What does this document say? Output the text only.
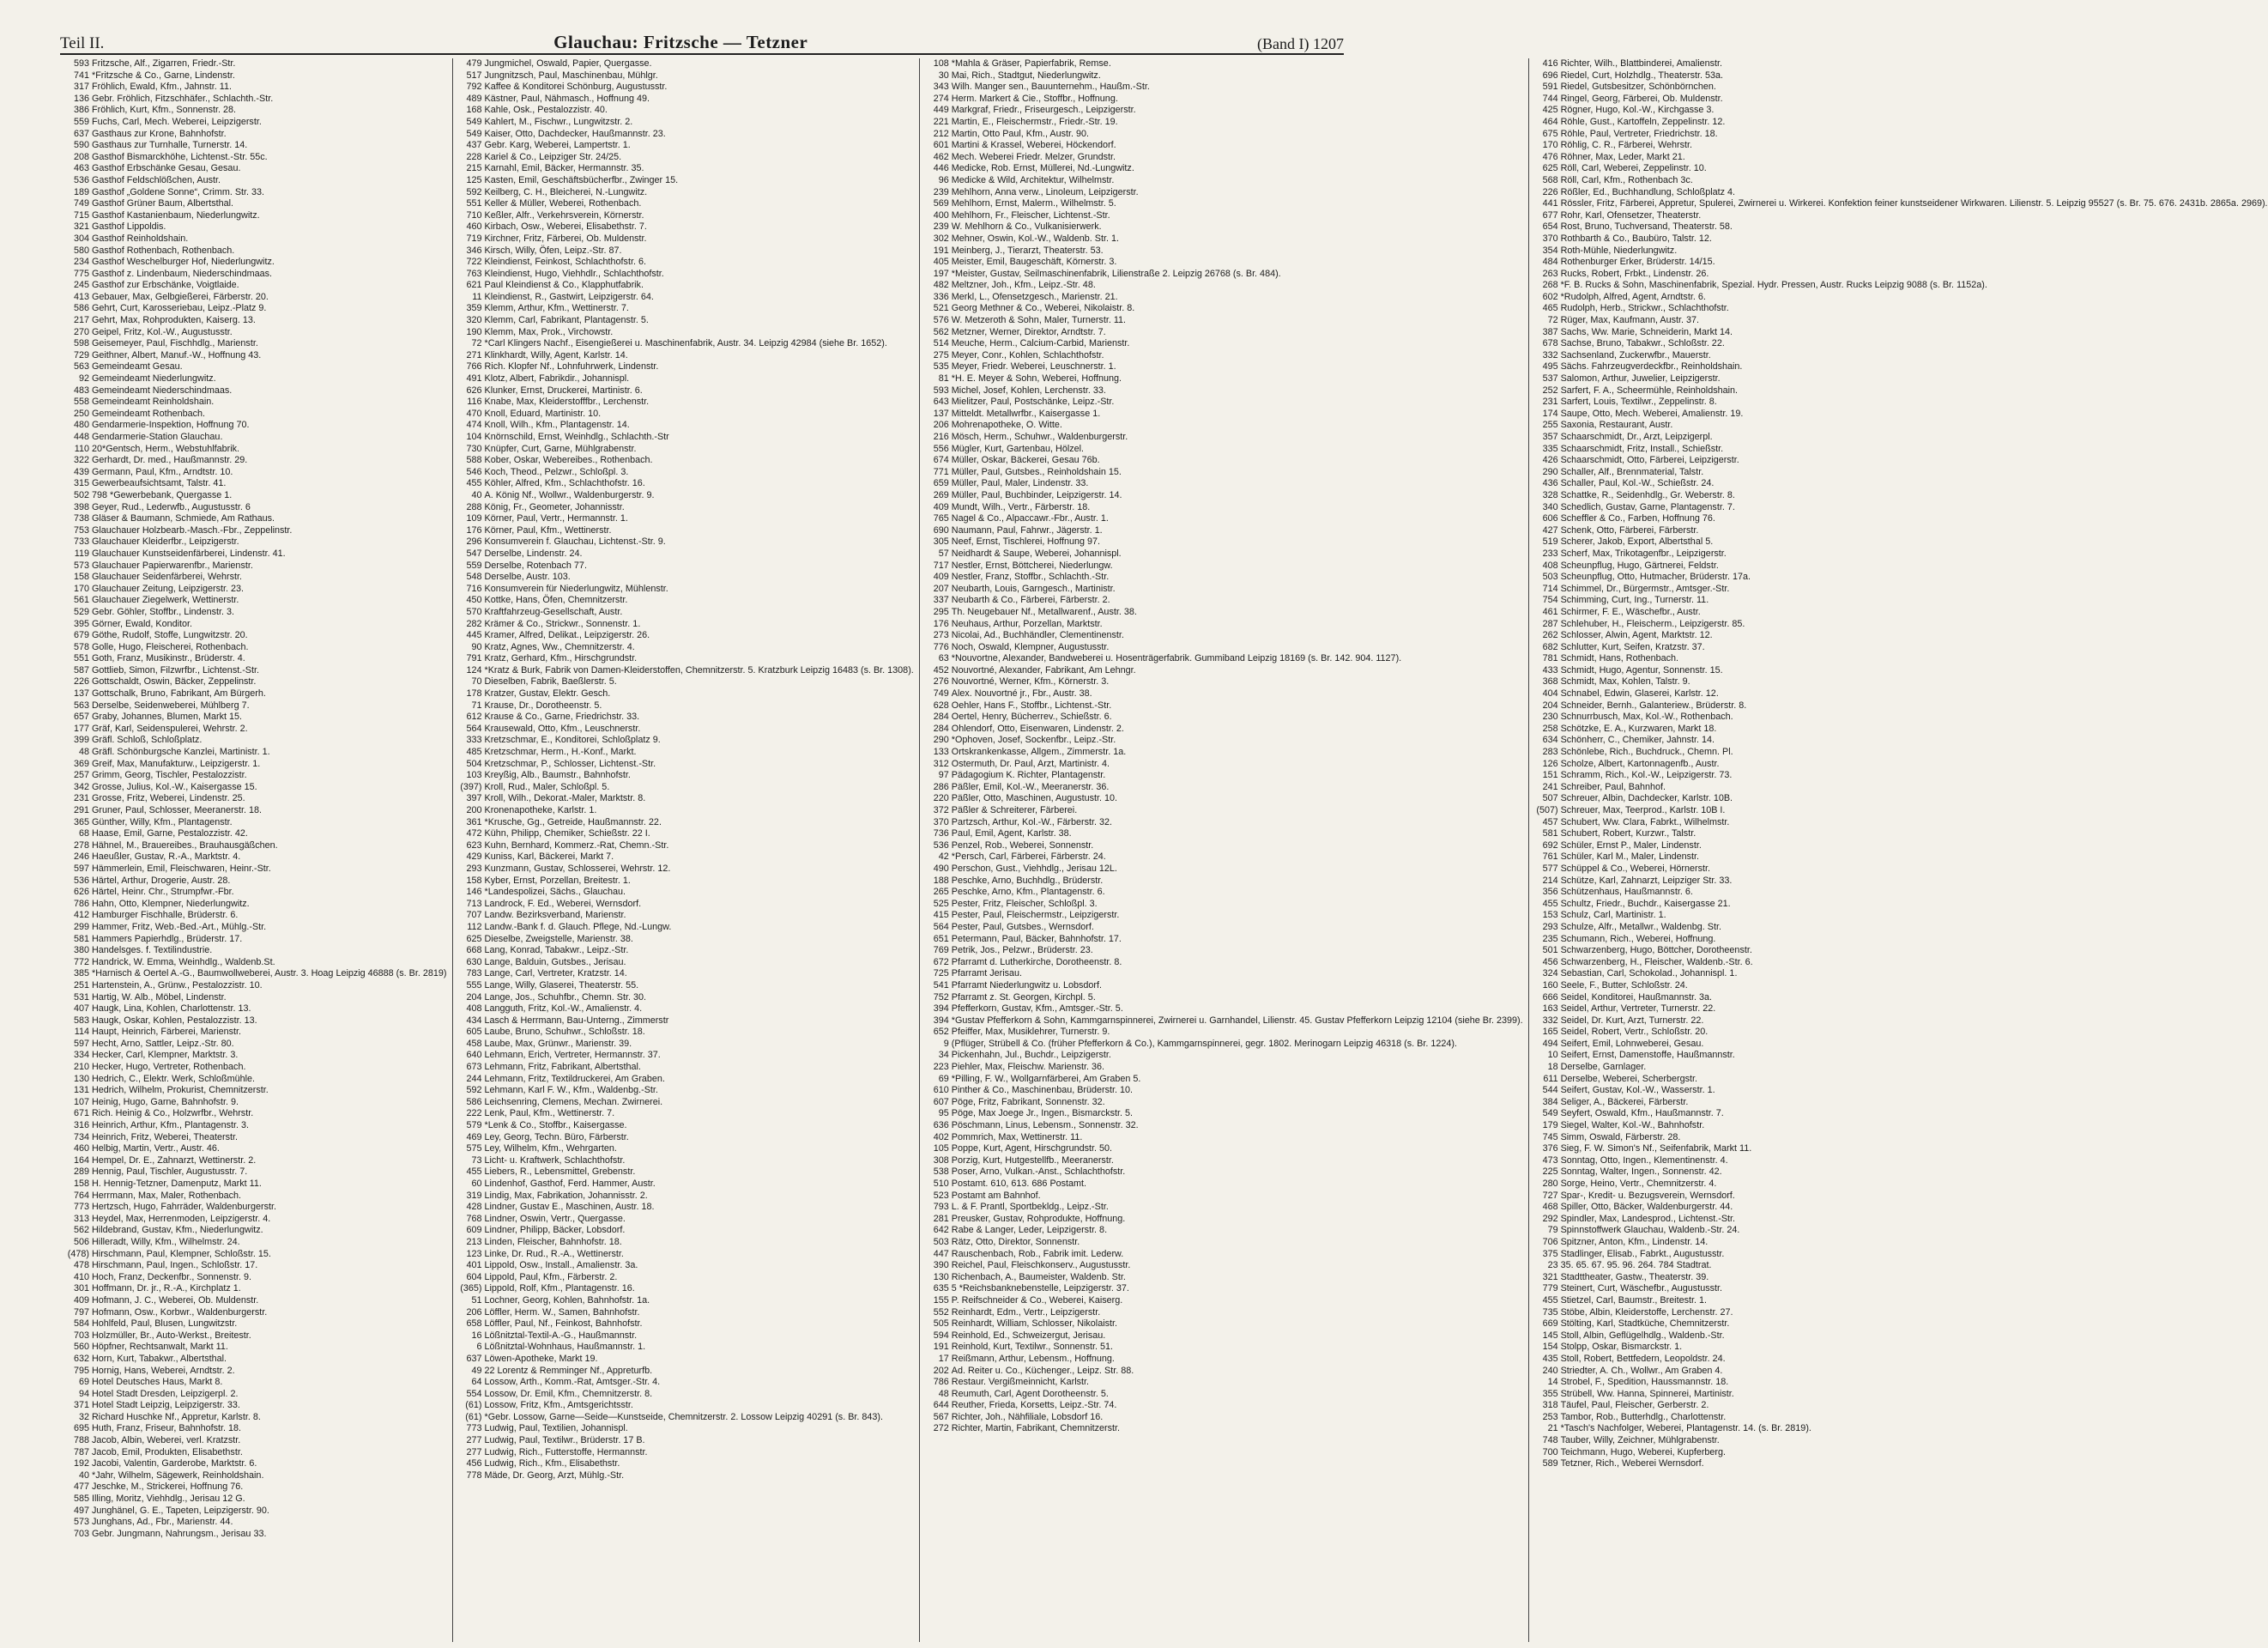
Teil II.	Glauchau: Fritzsche — Tetzner	(Band I) 1207
593 Fritzsche, Alf., Zigarren, Friedr.-Str.
741 *Fritzsche & Co., Garne, Lindenstr.
317 Fröhlich, Ewald, Kfm., Jahnstr. 11.
136 Gebr. Fröhlich, Fitzschhäfer., Schlachth.-Str.
386 Fröhlich, Kurt, Kfm., Sonnenstr. 28.
559 Fuchs, Carl, Mech. Weberei, Leipzigerstr.
637 Gasthaus zur Krone, Bahnhofstr.
590 Gasthaus zur Turnhalle, Turnerstr. 14.
208 Gasthof Bismarckhöhe, Lichtenst.-Str. 55c.
463 Gasthof Erbschänke Gesau, Gesau.
536 Gasthof Feldschlößchen, Austr.
189 Gasthof „Goldene Sonne“, Crimm. Str. 33.
749 Gasthof Grüner Baum, Albertsthal.
715 Gasthof Kastanienbaum, Niederlungwitz.
321 Gasthof Lippoldis.
304 Gasthof Reinholdshain.
580 Gasthof Rothenbach, Rothenbach.
234 Gasthof Weschelburger Hof, Niederlungwitz.
775 Gasthof z. Lindenbaum, Niederschindmaas.
245 Gasthof zur Erbschänke, Voigtlaide.
413 Gebauer, Max, Gelbgießerei, Färberstr. 20.
586 Gehrt, Curt, Karosseriebau, Leipz.-Platz 9.
217 Gehrt, Max, Rohprodukten, Kaiserg. 13.
270 Geipel, Fritz, Kol.-W., Augustusstr.
598 Geisemeyer, Paul, Fischhdlg., Marienstr.
729 Geithner, Albert, Manuf.-W., Hoffnung 43.
563 Gemeindeamt Gesau.
92 Gemeindeamt Niederlungwitz.
483 Gemeindeamt Niederschindmaas.
558 Gemeindeamt Reinholdshain.
250 Gemeindeamt Rothenbach.
480 Gendarmerie-Inspektion, Hoffnung 70.
448 Gendarmerie-Station Glauchau.
110 20*Gentsch, Herm., Webstuhlfabrik.
322 Gerhardt, Dr. med., Haußmannstr. 29.
439 Germann, Paul, Kfm., Arndtstr. 10.
315 Gewerbeaufsichtsamt, Talstr. 41.
502 798 *Gewerbebank, Quergasse 1.
398 Geyer, Rud., Lederwfb., Augustusstr. 6
738 Gläser & Baumann, Schmiede, Am Rathaus.
753 Glauchauer Holzbearb.-Masch.-Fbr., Zeppelinstr.
733 Glauchauer Kleiderfbr., Leipzigerstr.
119 Glauchauer Kunstseidenfärberei, Lindenstr. 41.
573 Glauchauer Papierwarenfbr., Marienstr.
158 Glauchauer Seidenfärberei, Wehrstr.
170 Glauchauer Zeitung, Leipzigerstr. 23.
561 Glauchauer Ziegelwerk, Wettinerstr.
529 Gebr. Göhler, Stoffbr., Lindenstr. 3.
395 Görner, Ewald, Konditor.
679 Göthe, Rudolf, Stoffe, Lungwitzstr. 20.
578 Golle, Hugo, Fleischerei, Rothenbach.
551 Goth, Franz, Musikinstr., Brüderstr. 4.
587 Gottlieb, Simon, Filzwrfbr., Lichtenst.-Str.
226 Gottschaldt, Oswin, Bäcker, Zeppelinstr.
137 Gottschalk, Bruno, Fabrikant, Am Bürgerh.
563 Derselbe, Seidenweberei, Mühlberg 7.
657 Graby, Johannes, Blumen, Markt 15.
177 Gräf, Karl, Seidenspulerei, Wehrstr. 2.
399 Gräfl. Schloß, Schloßplatz.
48 Gräfl. Schönburgsche Kanzlei, Martinistr. 1.
369 Greif, Max, Manufakturw., Leipzigerstr. 1.
257 Grimm, Georg, Tischler, Pestalozzistr.
342 Grosse, Julius, Kol.-W., Kaisergasse 15.
231 Grosse, Fritz, Weberei, Lindenstr. 25.
291 Gruner, Paul, Schlosser, Meeranerstr. 18.
365 Günther, Willy, Kfm., Plantagenstr.
68 Haase, Emil, Garne, Pestalozzistr. 42.
278 Hähnel, M., Brauereibes., Brauhausgäßchen.
246 Haeußler, Gustav, R.-A., Marktstr. 4.
597 Hämmerlein, Emil, Fleischwaren, Heinr.-Str.
536 Härtel, Arthur, Drogerie, Austr. 28.
626 Härtel, Heinr. Chr., Strumpfwr.-Fbr.
786 Hahn, Otto, Klempner, Niederlungwitz.
412 Hamburger Fischhalle, Brüderstr. 6.
299 Hammer, Fritz, Web.-Bed.-Art., Mühlg.-Str.
581 Hammers Papierhdlg., Brüderstr. 17.
380 Handelsges. f. Textilindustrie.
772 Handrick, W. Emma, Weinhdlg., Waldenb.St.
385 *Harnisch & Oertel A.-G., Baumwollweberei, Austr. 3. Hoag Leipzig 46888 (s. Br. 2819)
251 Hartenstein, A., Grünw., Pestalozzistr. 10.
531 Hartig, W. Alb., Möbel, Lindenstr.
407 Haugk, Lina, Kohlen, Charlottenstr. 13.
583 Haugk, Oskar, Kohlen, Pestalozzistr. 13.
114 Haupt, Heinrich, Färberei, Marienstr.
597 Hecht, Arno, Sattler, Leipz.-Str. 80.
334 Hecker, Carl, Klempner, Marktstr. 3.
210 Hecker, Hugo, Vertreter, Rothenbach.
130 Hedrich, C., Elektr. Werk, Schloßmühle.
131 Hedrich, Wilhelm, Prokurist, Chemnitzerstr.
107 Heinig, Hugo, Garne, Bahnhofstr. 9.
671 Rich. Heinig & Co., Holzwrfbr., Wehrstr.
316 Heinrich, Arthur, Kfm., Plantagenstr. 3.
734 Heinrich, Fritz, Weberei, Theaterstr.
460 Helbig, Martin, Vertr., Austr. 46.
164 Hempel, Dr. E., Zahnarzt, Wettinerstr. 2.
289 Hennig, Paul, Tischler, Augustusstr. 7.
158 H. Hennig-Tetzner, Damenputz, Markt 11.
764 Herrmann, Max, Maler, Rothenbach.
773 Hertzsch, Hugo, Fahrräder, Waldenburgerstr.
313 Heydel, Max, Herrenmoden, Leipzigerstr. 4.
562 Hildebrand, Gustav, Kfm., Niederlungwitz.
506 Hilleradt, Willy, Kfm., Wilhelmstr. 24.
(478) Hirschmann, Paul, Klempner, Schloßstr. 15.
478 Hirschmann, Paul, Ingen., Schloßstr. 17.
410 Hoch, Franz, Deckenfbr., Sonnenstr. 9.
301 Hoffmann, Dr. jr., R.-A., Kirchplatz 1.
409 Hofmann, J. C., Weberei, Ob. Muldenstr.
797 Hofmann, Osw., Korbwr., Waldenburgerstr.
584 Hohlfeld, Paul, Blusen, Lungwitzstr.
703 Holzmüller, Br., Auto-Werkst., Breitestr.
560 Höpfner, Rechtsanwalt, Markt 11.
632 Horn, Kurt, Tabakwr., Albertsthal.
795 Hornig, Hans, Weberei, Arndtstr. 2.
69 Hotel Deutsches Haus, Markt 8.
94 Hotel Stadt Dresden, Leipzigerpl. 2.
371 Hotel Stadt Leipzig, Leipzigerstr. 33.
32 Richard Huschke Nf., Appretur, Karlstr. 8.
695 Huth, Franz, Friseur, Bahnhofstr. 18.
788 Jacob, Albin, Weberei, verl. Kratzstr.
787 Jacob, Emil, Produkten, Elisabethstr.
192 Jacobi, Valentin, Garderobe, Marktstr. 6.
40 *Jahr, Wilhelm, Sägewerk, Reinholdshain.
477 Jeschke, M., Strickerei, Hoffnung 76.
585 Illing, Moritz, Viehhdlg., Jerisau 12 G.
497 Junghänel, G. E., Tapeten, Leipzigerstr. 90.
573 Junghans, Ad., Fbr., Marienstr. 44.
703 Gebr. Jungmann, Nahrungsm., Jerisau 33.
479 Jungmichel, Oswald, Papier, Quergasse.
517 Jungnitzsch, Paul, Maschinenbau, Mühlgr.
792 Kaffee & Konditorei Schönburg, Augustusstr.
489 Kästner, Paul, Nähmasch., Hoffnung 49.
168 Kahle, Osk., Pestalozzistr. 40.
549 Kahlert, M., Fischwr., Lungwitzstr. 2.
549 Kaiser, Otto, Dachdecker, Haußmannstr. 23.
437 Gebr. Karg, Weberei, Lampertstr. 1.
228 Kariel & Co., Leipziger Str. 24/25.
215 Karnahl, Emil, Bäcker, Hermannstr. 35.
125 Kasten, Emil, Geschäftsbücherfbr., Zwinger 15.
592 Keilberg, C. H., Bleicherei, N.-Lungwitz.
551 Keller & Müller, Weberei, Rothenbach.
710 Keßler, Alfr., Verkehrsverein, Körnerstr.
460 Kirbach, Osw., Weberei, Elisabethstr. 7.
719 Kirchner, Fritz, Färberei, Ob. Muldenstr.
346 Kirsch, Willy, Öfen, Leipz.-Str. 87.
722 Kleindienst, Feinkost, Schlachthofstr. 6.
763 Kleindienst, Hugo, Viehhdlr., Schlachthofstr.
621 Paul Kleindienst & Co., Klapphutfabrik.
11 Kleindienst, R., Gastwirt, Leipzigerstr. 64.
359 Klemm, Arthur, Kfm., Wettinerstr. 7.
320 Klemm, Carl, Fabrikant, Plantagenstr. 5.
190 Klemm, Max, Prok., Virchowstr.
72 *Carl Klingers Nachf., Eisengießerei u. Maschinenfabrik, Austr. 34. Leipzig 42984 (siehe Br. 1652).
271 Klinkhardt, Willy, Agent, Karlstr. 14.
766 Rich. Klopfer Nf., Lohnfuhrwerk, Lindenstr.
491 Klotz, Albert, Fabrikdir., Johannispl.
626 Klunker, Ernst, Druckerei, Martinistr. 6.
116 Knabe, Max, Kleiderstofffbr., Lerchenstr.
470 Knoll, Eduard, Martinistr. 10.
474 Knoll, Wilh., Kfm., Plantagenstr. 14.
104 Knörnschild, Ernst, Weinhdlg., Schlachth.-Str
730 Knüpfer, Curt, Garne, Mühlgrabenstr.
588 Kober, Oskar, Webereibes., Rothenbach.
546 Koch, Theod., Pelzwr., Schloßpl. 3.
455 Köhler, Alfred, Kfm., Schlachthofstr. 16.
40 A. König Nf., Wollwr., Waldenburgerstr. 9.
288 König, Fr., Geometer, Johannisstr.
109 Körner, Paul, Vertr., Hermannstr. 1.
176 Körner, Paul, Kfm., Wettinerstr.
296 Konsumverein f. Glauchau, Lichtenst.-Str. 9.
547 Derselbe, Lindenstr. 24.
559 Derselbe, Rotenbach 77.
548 Derselbe, Austr. 103.
716 Konsumverein für Niederlungwitz, Mühlenstr.
450 Kottke, Hans, Öfen, Chemnitzerstr.
570 Kraftfahrzeug-Gesellschaft, Austr.
282 Krämer & Co., Strickwr., Sonnenstr. 1.
445 Kramer, Alfred, Delikat., Leipzigerstr. 26.
90 Kratz, Agnes, Ww., Chemnitzerstr. 4.
791 Kratz, Gerhard, Kfm., Hirschgrundstr.
124 *Kratz & Burk, Fabrik von Damen-Kleiderstoffen, Chemnitzerstr. 5. Kratzburk Leipzig 16483 (s. Br. 1308).
70 Dieselben, Fabrik, Baeßlerstr. 5.
178 Kratzer, Gustav, Elektr. Gesch.
71 Krause, Dr., Dorotheenstr. 5.
612 Krause & Co., Garne, Friedrichstr. 33.
564 Krausewald, Otto, Kfm., Leuschnerstr.
333 Kretzschmar, E., Konditorei, Schloßplatz 9.
485 Kretzschmar, Herm., H.-Konf., Markt.
504 Kretzschmar, P., Schlosser, Lichtenst.-Str.
103 Kreyßig, Alb., Baumstr., Bahnhofstr.
(397) Kroll, Rud., Maler, Schloßpl. 5.
397 Kroll, Wilh., Dekorat.-Maler, Marktstr. 8.
200 Kronenapotheke, Karlstr. 1.
361 *Krusche, Gg., Getreide, Haußmannstr. 22.
472 Kühn, Philipp, Chemiker, Schießstr. 22 I.
623 Kuhn, Bernhard, Kommerz.-Rat, Chemn.-Str.
429 Kuniss, Karl, Bäckerei, Markt 7.
293 Kunzmann, Gustav, Schlosserei, Wehrstr. 12.
158 Kyber, Ernst, Porzellan, Breitestr. 1.
146 *Landespolizei, Sächs., Glauchau.
713 Landrock, F. Ed., Weberei, Wernsdorf.
707 Landw. Bezirksverband, Marienstr.
112 Landw.-Bank f. d. Glauch. Pflege, Nd.-Lungw.
625 Dieselbe, Zweigstelle, Marienstr. 38.
668 Lang, Konrad, Tabakwr., Leipz.-Str.
630 Lange, Balduin, Gutsbes., Jerisau.
783 Lange, Carl, Vertreter, Kratzstr. 14.
555 Lange, Willy, Glaserei, Theaterstr. 55.
204 Lange, Jos., Schuhfbr., Chemn. Str. 30.
408 Langguth, Fritz, Kol.-W., Amalienstr. 4.
434 Lasch & Herrmann, Bau-Unterng., Zimmerstr
605 Laube, Bruno, Schuhwr., Schloßstr. 18.
458 Laube, Max, Grünwr., Marienstr. 39.
640 Lehmann, Erich, Vertreter, Hermannstr. 37.
673 Lehmann, Fritz, Fabrikant, Albertsthal.
244 Lehmann, Fritz, Textildruckerei, Am Graben.
592 Lehmann, Karl F. W., Kfm., Waldenbg.-Str.
586 Leichsenring, Clemens, Mechan. Zwirnerei.
222 Lenk, Paul, Kfm., Wettinerstr. 7.
579 *Lenk & Co., Stoffbr., Kaisergasse.
469 Ley, Georg, Techn. Büro, Färberstr.
575 Ley, Wilhelm, Kfm., Wehrgarten.
73 Licht- u. Kraftwerk, Schlachthofstr.
455 Liebers, R., Lebensmittel, Grebenstr.
60 Lindenhof, Gasthof, Ferd. Hammer, Austr.
319 Lindig, Max, Fabrikation, Johannisstr. 2.
428 Lindner, Gustav E., Maschinen, Austr. 18.
768 Lindner, Oswin, Vertr., Quergasse.
609 Lindner, Philipp, Bäcker, Lobsdorf.
213 Linden, Fleischer, Bahnhofstr. 18.
123 Linke, Dr. Rud., R.-A., Wettinerstr.
401 Lippold, Osw., Install., Amalienstr. 3a.
604 Lippold, Paul, Kfm., Färberstr. 2.
(365) Lippold, Rolf, Kfm., Plantagenstr. 16.
51 Lochner, Georg, Kohlen, Bahnhofstr. 1a.
206 Löffler, Herm. W., Samen, Bahnhofstr.
658 Löffler, Paul, Nf., Feinkost, Bahnhofstr.
16 Lößnitztal-Textil-A.-G., Haußmannstr.
6 Lößnitztal-Wohnhaus, Haußmannstr. 1.
637 Löwen-Apotheke, Markt 19.
49 22 Lorentz & Remminger Nf., Appreturfb.
64 Lossow, Arth., Komm.-Rat, Amtsger.-Str. 4.
554 Lossow, Dr. Emil, Kfm., Chemnitzerstr. 8.
(61) Lossow, Fritz, Kfm., Amtsgerichtsstr.
(61) *Gebr. Lossow, Garne—Seide—Kunstseide, Chemnitzerstr. 2. Lossow Leipzig 40291 (s. Br. 843).
773 Ludwig, Paul, Textilien, Johannispl.
277 Ludwig, Paul, Textilwr., Brüderstr. 17 B.
277 Ludwig, Rich., Futterstoffe, Hermannstr.
456 Ludwig, Rich., Kfm., Elisabethstr.
778 Mäde, Dr. Georg, Arzt, Mühlg.-Str.
108 *Mahla & Gräser, Papierfabrik, Remse.
30 Mai, Rich., Stadtgut, Niederlungwitz.
343 Wilh. Manger sen., Bauunternehm., Haußm.-Str.
274 Herm. Markert & Cie., Stoffbr., Hoffnung.
449 Markgraf, Friedr., Friseurgesch., Leipzigerstr.
221 Martin, E., Fleischermstr., Friedr.-Str. 19.
212 Martin, Otto Paul, Kfm., Austr. 90.
601 Martini & Krassel, Weberei, Höckendorf.
462 Mech. Weberei Friedr. Melzer, Grundstr.
446 Medicke, Rob. Ernst, Müllerei, Nd.-Lungwitz.
96 Medicke & Wild, Architektur, Wilhelmstr.
239 Mehlhorn, Anna verw., Linoleum, Leipzigerstr.
569 Mehlhorn, Ernst, Malerm., Wilhelmstr. 5.
400 Mehlhorn, Fr., Fleischer, Lichtenst.-Str.
239 W. Mehlhorn & Co., Vulkanisierwerk.
302 Mehner, Oswin, Kol.-W., Waldenb. Str. 1.
191 Meinberg, J., Tierarzt, Theaterstr. 53.
405 Meister, Emil, Baugeschäft, Körnerstr. 3.
197 *Meister, Gustav, Seilmaschinenfabrik, Lilienstraße 2. Leipzig 26768 (s. Br. 484).
482 Meltzner, Joh., Kfm., Leipz.-Str. 48.
336 Merkl, L., Ofensetzgesch., Marienstr. 21.
521 Georg Methner & Co., Weberei, Nikolaistr. 8.
576 W. Metzeroth & Sohn, Maler, Turnerstr. 11.
562 Metzner, Werner, Direktor, Arndtstr. 7.
514 Meuche, Herm., Calcium-Carbid, Marienstr.
275 Meyer, Conr., Kohlen, Schlachthofstr.
535 Meyer, Friedr. Weberei, Leuschnerstr. 1.
81 *H. E. Meyer & Sohn, Weberei, Hoffnung.
593 Michel, Josef, Kohlen, Lerchenstr. 33.
643 Mielitzer, Paul, Postschänke, Leipz.-Str.
137 Mitteldt. Metallwrfbr., Kaisergasse 1.
206 Mohrenapotheke, O. Witte.
216 Mösch, Herm., Schuhwr., Waldenburgerstr.
556 Mügler, Kurt, Gartenbau, Hölzel.
674 Müller, Oskar, Bäckerei, Gesau 76b.
771 Müller, Paul, Gutsbes., Reinholdshain 15.
659 Müller, Paul, Maler, Lindenstr. 33.
269 Müller, Paul, Buchbinder, Leipzigerstr. 14.
409 Mundt, Wilh., Vertr., Färberstr. 18.
765 Nagel & Co., Alpaccawr.-Fbr., Austr. 1.
690 Naumann, Paul, Fahrwr., Jägerstr. 1.
305 Neef, Ernst, Tischlerei, Hoffnung 97.
57 Neidhardt & Saupe, Weberei, Johannispl.
717 Nestler, Ernst, Böttcherei, Niederlungw.
409 Nestler, Franz, Stoffbr., Schlachth.-Str.
207 Neubarth, Louis, Garngesch., Martinistr.
337 Neubarth & Co., Färberei, Färberstr. 2.
295 Th. Neugebauer Nf., Metallwarenf., Austr. 38.
176 Neuhaus, Arthur, Porzellan, Marktstr.
273 Nicolai, Ad., Buchhändler, Clementinenstr.
776 Noch, Oswald, Klempner, Augustusstr.
63 *Nouvortne, Alexander, Bandweberei u. Hosenträgerfabrik. Gummiband Leipzig 18169 (s. Br. 142. 904. 1127).
452 Nouvortné, Alexander, Fabrikant, Am Lehngr.
276 Nouvortné, Werner, Kfm., Körnerstr. 3.
749 Alex. Nouvortné jr., Fbr., Austr. 38.
628 Oehler, Hans F., Stoffbr., Lichtenst.-Str.
284 Oertel, Henry, Bücherrev., Schießstr. 6.
284 Ohlendorf, Otto, Eisenwaren, Lindenstr. 2.
290 *Ophoven, Josef, Sockenfbr., Leipz.-Str.
133 Ortskrankenkasse, Allgem., Zimmerstr. 1a.
312 Ostermuth, Dr. Paul, Arzt, Martinistr. 4.
97 Pädagogium K. Richter, Plantagenstr.
286 Päßler, Emil, Kol.-W., Meeranerstr. 36.
220 Päßler, Otto, Maschinen, Augustustr. 10.
372 Päßler & Schreiterer, Färberei.
370 Partzsch, Arthur, Kol.-W., Färberstr. 32.
736 Paul, Emil, Agent, Karlstr. 38.
536 Penzel, Rob., Weberei, Sonnenstr.
42 *Persch, Carl, Färberei, Färberstr. 24.
490 Perschon, Gust., Viehhdlg., Jerisau 12L.
188 Peschke, Arno, Buchhdlg., Brüderstr.
265 Peschke, Arno, Kfm., Plantagenstr. 6.
525 Pester, Fritz, Fleischer, Schloßpl. 3.
415 Pester, Paul, Fleischermstr., Leipzigerstr.
564 Pester, Paul, Gutsbes., Wernsdorf.
651 Petermann, Paul, Bäcker, Bahnhofstr. 17.
769 Petrik, Jos., Pelzwr., Brüderstr. 23.
672 Pfarramt d. Lutherkirche, Dorotheenstr. 8.
725 Pfarramt Jerisau.
541 Pfarramt Niederlungwitz u. Lobsdorf.
752 Pfarramt z. St. Georgen, Kirchpl. 5.
394 Pfefferkorn, Gustav, Kfm., Amtsger.-Str. 5.
394 *Gustav Pfefferkorn & Sohn, Kammgarnspinnerei, Zwirnerei u. Garnhandel, Lilienstr. 45. Gustav Pfefferkorn Leipzig 12104 (siehe Br. 2399).
652 Pfeiffer, Max, Musiklehrer, Turnerstr. 9.
9 (Pflüger, Strübell & Co. (früher Pfefferkorn & Co.), Kammgarnspinnerei, gegr. 1802. Merinogarn Leipzig 46318 (s. Br. 1224).
34 Pickenhahn, Jul., Buchdr., Leipzigerstr.
223 Piehler, Max, Fleischw. Marienstr. 36.
69 *Pilling, F. W., Wollgarnfärberei, Am Graben 5.
610 Pinther & Co., Maschinenbau, Brüderstr. 10.
607 Pöge, Fritz, Fabrikant, Sonnenstr. 32.
95 Pöge, Max Joege Jr., Ingen., Bismarckstr. 5.
636 Pöschmann, Linus, Lebensm., Sonnenstr. 32.
402 Pommrich, Max, Wettinerstr. 11.
105 Poppe, Kurt, Agent, Hirschgrundstr. 50.
308 Porzig, Kurt, Hutgestellfb., Meeranerstr.
538 Poser, Arno, Vulkan.-Anst., Schlachthofstr.
510 Postamt. 610, 613. 686 Postamt.
523 Postamt am Bahnhof.
793 L. & F. Prantl, Sportbekldg., Leipz.-Str.
281 Preusker, Gustav, Rohprodukte, Hoffnung.
642 Rabe & Langer, Leder, Leipzigerstr. 8.
503 Rätz, Otto, Direktor, Sonnenstr.
447 Rauschenbach, Rob., Fabrik imit. Lederw.
390 Reichel, Paul, Fleischkonserv., Augustusstr.
130 Richenbach, A., Baumeister, Waldenb. Str.
635 5 *Reichsbanknebenstelle, Leipzigerstr. 37.
155 P. Reifschneider & Co., Weberei, Kaiserg.
552 Reinhardt, Edm., Vertr., Leipzigerstr.
505 Reinhardt, William, Schlosser, Nikolaistr.
594 Reinhold, Ed., Schweizergut, Jerisau.
191 Reinhold, Kurt, Textilwr., Sonnenstr. 51.
17 Reißmann, Arthur, Lebensm., Hoffnung.
202 Ad. Reiter u. Co., Küchenger., Leipz. Str. 88.
786 Restaur. Vergißmeinnicht, Karlstr.
48 Reumuth, Carl, Agent Dorotheenstr. 5.
644 Reuther, Frieda, Korsetts, Leipz.-Str. 74.
567 Richter, Joh., Nähfiliale, Lobsdorf 16.
272 Richter, Martin, Fabrikant, Chemnitzerstr.
416 Richter, Wilh., Blattbinderei, Amalienstr.
696 Riedel, Curt, Holzhdlg., Theaterstr. 53a.
591 Riedel, Gutsbesitzer, Schönbörnchen.
744 Ringel, Georg, Färberei, Ob. Muldenstr.
425 Rögner, Hugo, Kol.-W., Kirchgasse 3.
464 Röhle, Gust., Kartoffeln, Zeppelinstr. 12.
675 Röhle, Paul, Vertreter, Friedrichstr. 18.
170 Röhlig, C. R., Färberei, Wehrstr.
476 Röhner, Max, Leder, Markt 21.
625 Röll, Carl, Weberei, Zeppelinstr. 10.
568 Röll, Carl, Kfm., Rothenbach 3c.
226 Rößler, Ed., Buchhandlung, Schloßplatz 4.
441 Rössler, Fritz, Färberei, Appretur, Spulerei, Zwirnerei u. Wirkerei. Konfektion feiner kunstseidener Wirkwaren. Lilienstr. 5. Leipzig 95527 (s. Br. 75. 676. 2431b. 2865a. 2969).
677 Rohr, Karl, Ofensetzer, Theaterstr.
654 Rost, Bruno, Tuchversand, Theaterstr. 58.
370 Rothbarth & Co., Baubüro, Talstr. 12.
354 Roth-Mühle, Niederlungwitz.
484 Rothenburger Erker, Brüderstr. 14/15.
263 Rucks, Robert, Frbkt., Lindenstr. 26.
268 *F. B. Rucks & Sohn, Maschinenfabrik, Spezial. Hydr. Pressen, Austr. Rucks Leipzig 9088 (s. Br. 1152a).
602 *Rudolph, Alfred, Agent, Arndtstr. 6.
465 Rudolph, Herb., Strickwr., Schlachthofstr.
72 Rüger, Max, Kaufmann, Austr. 37.
387 Sachs, Ww. Marie, Schneiderin, Markt 14.
678 Sachse, Bruno, Tabakwr., Schloßstr. 22.
332 Sachsenland, Zuckerwfbr., Mauerstr.
495 Sächs. Fahrzeugverdeckfbr., Reinholdshain.
537 Salomon, Arthur, Juwelier, Leipzigerstr.
252 Sarfert, F. A., Scheermühle, Reinholdshain.
231 Sarfert, Louis, Textilwr., Zeppelinstr. 8.
174 Saupe, Otto, Mech. Weberei, Amalienstr. 19.
255 Saxonia, Restaurant, Austr.
357 Schaarschmidt, Dr., Arzt, Leipzigerpl.
335 Schaarschmidt, Fritz, Install., Schießstr.
426 Schaarschmidt, Otto, Färberei, Leipzigerstr.
290 Schaller, Alf., Brennmaterial, Talstr.
436 Schaller, Paul, Kol.-W., Schießstr. 24.
328 Schattke, R., Seidenhdlg., Gr. Weberstr. 8.
340 Schedlich, Gustav, Garne, Plantagenstr. 7.
606 Scheffler & Co., Farben, Hoffnung 76.
427 Schenk, Otto, Färberei, Färberstr.
519 Scherer, Jakob, Export, Albertsthal 5.
233 Scherf, Max, Trikotagenfbr., Leipzigerstr.
408 Scheunpflug, Hugo, Gärtnerei, Feldstr.
503 Scheunpflug, Otto, Hutmacher, Brüderstr. 17a.
714 Schimmel, Dr., Bürgermstr., Amtsger.-Str.
754 Schimming, Curt, Ing., Turnerstr. 11.
461 Schirmer, F. E., Wäschefbr., Austr.
287 Schlehuber, H., Fleischerm., Leipzigerstr. 85.
262 Schlosser, Alwin, Agent, Marktstr. 12.
682 Schlutter, Kurt, Seifen, Kratzstr. 37.
781 Schmidt, Hans, Rothenbach.
433 Schmidt, Hugo, Agentur, Sonnenstr. 15.
368 Schmidt, Max, Kohlen, Talstr. 9.
404 Schnabel, Edwin, Glaserei, Karlstr. 12.
204 Schneider, Bernh., Galanteriew., Brüderstr. 8.
230 Schnurrbusch, Max, Kol.-W., Rothenbach.
258 Schötzke, E. A., Kurzwaren, Markt 18.
634 Schönherr, C., Chemiker, Jahnstr. 14.
283 Schönlebe, Rich., Buchdruck., Chemn. Pl.
126 Scholze, Albert, Kartonnagenfb., Austr.
151 Schramm, Rich., Kol.-W., Leipzigerstr. 73.
241 Schreiber, Paul, Bahnhof.
507 Schreuer, Albin, Dachdecker, Karlstr. 10B.
(507) Schreuer, Max, Teerprod., Karlstr. 10B I.
457 Schubert, Ww. Clara, Fabrkt., Wilhelmstr.
581 Schubert, Robert, Kurzwr., Talstr.
692 Schüler, Ernst P., Maler, Lindenstr.
761 Schüler, Karl M., Maler, Lindenstr.
577 Schüppel & Co., Weberei, Hörnerstr.
214 Schütze, Karl, Zahnarzt, Leipziger Str. 33.
356 Schützenhaus, Haußmannstr. 6.
455 Schultz, Friedr., Buchdr., Kaisergasse 21.
153 Schulz, Carl, Martinistr. 1.
293 Schulze, Alfr., Metallwr., Waldenbg. Str.
235 Schumann, Rich., Weberei, Hoffnung.
501 Schwarzenberg, Hugo, Böttcher, Dorotheenstr.
456 Schwarzenberg, H., Fleischer, Waldenb.-Str. 6.
324 Sebastian, Carl, Schokolad., Johannispl. 1.
160 Seele, F., Butter, Schloßstr. 24.
666 Seidel, Konditorei, Haußmannstr. 3a.
163 Seidel, Arthur, Vertreter, Turnerstr. 22.
332 Seidel, Dr. Kurt, Arzt, Turnerstr. 22.
165 Seidel, Robert, Vertr., Schloßstr. 20.
494 Seifert, Emil, Lohnweberei, Gesau.
10 Seifert, Ernst, Damenstoffe, Haußmannstr.
18 Derselbe, Garnlager.
611 Derselbe, Weberei, Scherbergstr.
544 Seifert, Gustav, Kol.-W., Wasserstr. 1.
384 Seliger, A., Bäckerei, Färberstr.
549 Seyfert, Oswald, Kfm., Haußmannstr. 7.
179 Siegel, Walter, Kol.-W., Bahnhofstr.
745 Simm, Oswald, Färberstr. 28.
376 Sieg, F. W. Simon's Nf., Seifenfabrik, Markt 11.
473 Sonntag, Otto, Ingen., Klementinenstr. 4.
225 Sonntag, Walter, Ingen., Sonnenstr. 42.
280 Sorge, Heino, Vertr., Chemnitzerstr. 4.
727 Spar-, Kredit- u. Bezugsverein, Wernsdorf.
468 Spiller, Otto, Bäcker, Waldenburgerstr. 44.
292 Spindler, Max, Landesprod., Lichtenst.-Str.
79 Spinnstoffwerk Glauchau, Waldenb.-Str. 24.
706 Spitzner, Anton, Kfm., Lindenstr. 14.
375 Stadlinger, Elisab., Fabrkt., Augustusstr.
23 35. 65. 67. 95. 96. 264. 784 Stadtrat.
321 Stadttheater, Gastw., Theaterstr. 39.
779 Steinert, Curt, Wäschefbr., Augustusstr.
455 Stietzel, Carl, Baumstr., Breitestr. 1.
735 Stöbe, Albin, Kleiderstoffe, Lerchenstr. 27.
669 Stölting, Karl, Stadtküche, Chemnitzerstr.
145 Stoll, Albin, Geflügelhdlg., Waldenb.-Str.
154 Stolpp, Oskar, Bismarckstr. 1.
435 Stoll, Robert, Bettfedern, Leopoldstr. 24.
240 Striedter, A. Ch., Wollwr., Am Graben 4.
14 Strobel, F., Spedition, Haussmannstr. 18.
355 Strübell, Ww. Hanna, Spinnerei, Martinistr.
318 Täufel, Paul, Fleischer, Gerberstr. 2.
253 Tambor, Rob., Butterhdlg., Charlottenstr.
21 *Tasch's Nachfolger, Weberei, Plantagenstr. 14. (s. Br. 2819).
748 Tauber, Willy, Zeichner, Mühlgrabenstr.
700 Teichmann, Hugo, Weberei, Kupferberg.
589 Tetzner, Rich., Weberei Wernsdorf.
